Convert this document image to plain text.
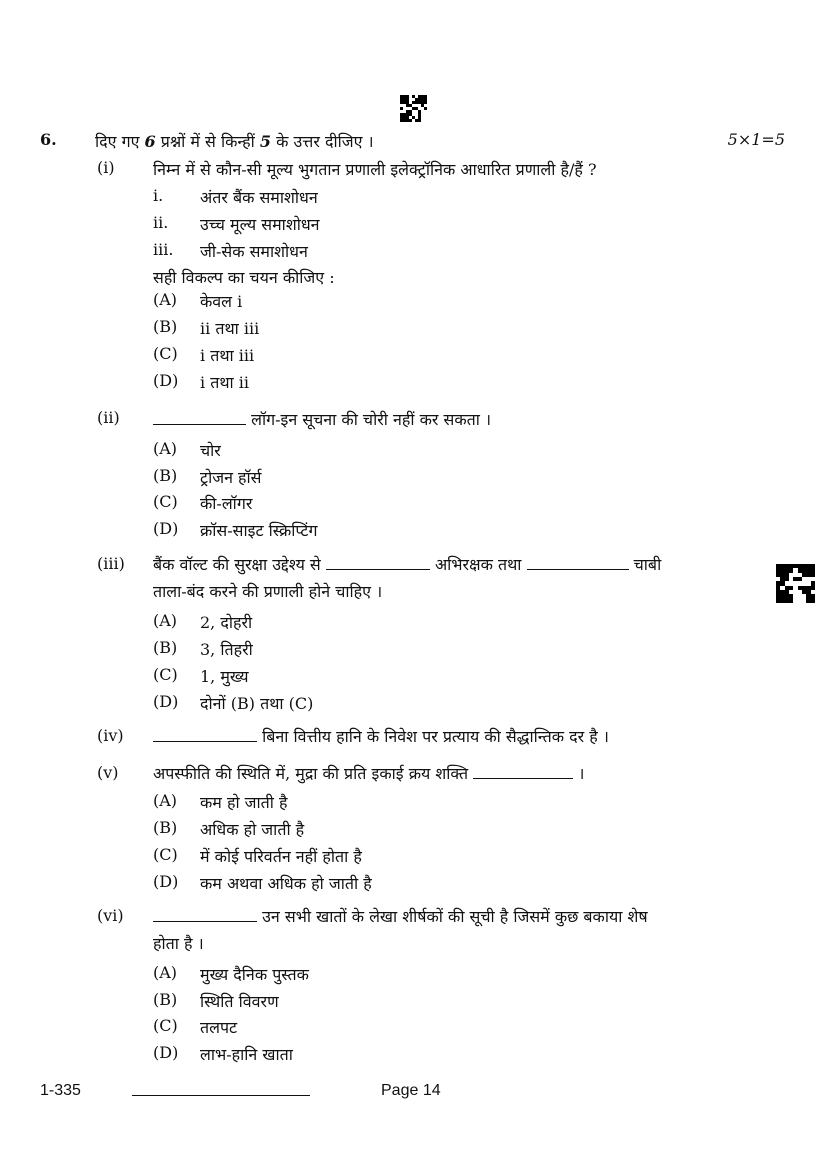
6. दिए गए 6 प्रश्नों में से किन्हीं 5 के उत्तर दीजिए ।	5×1=5
(i) निम्न में से कौन-सी मूल्य भुगतान प्रणाली इलेक्ट्रॉनिक आधारित प्रणाली है/हैं ?
i. अंतर बैंक समाशोधन
ii. उच्च मूल्य समाशोधन
iii. जी-सेक समाशोधन
सही विकल्प का चयन कीजिए :
(A) केवल i
(B) ii तथा iii
(C) i तथा iii
(D) i तथा ii
(ii)	लॉग-इन सूचना की चोरी नहीं कर सकता ।
(A) चोर
(B) ट्रोजन हॉर्स
(C) की-लॉगर
(D) क्रॉस-साइट स्क्रिप्टिंग
(iii) बैंक वॉल्ट की सुरक्षा उद्देश्य से	अभिरक्षक तथा	चाबी
ताला-बंद करने की प्रणाली होने चाहिए ।
(A) 2, दोहरी
(B) 3, तिहरी
(C) 1, मुख्य
(D) दोनों (B) तथा (C)
(iv)	बिना वित्तीय हानि के निवेश पर प्रत्याय की सैद्धान्तिक दर है ।
(v) अपस्फीति की स्थिति में, मुद्रा की प्रति इकाई क्रय शक्ति	।
(A) कम हो जाती है
(B) अधिक हो जाती है
(C) में कोई परिवर्तन नहीं होता है
(D) कम अथवा अधिक हो जाती है
(vi)	उन सभी खातों के लेखा शीर्षकों की सूची है जिसमें कुछ बकाया शेष
होता है ।
(A) मुख्य दैनिक पुस्तक
(B) स्थिति विवरण
(C) तलपट
(D) लाभ-हानि खाता
1-335	Page 14
